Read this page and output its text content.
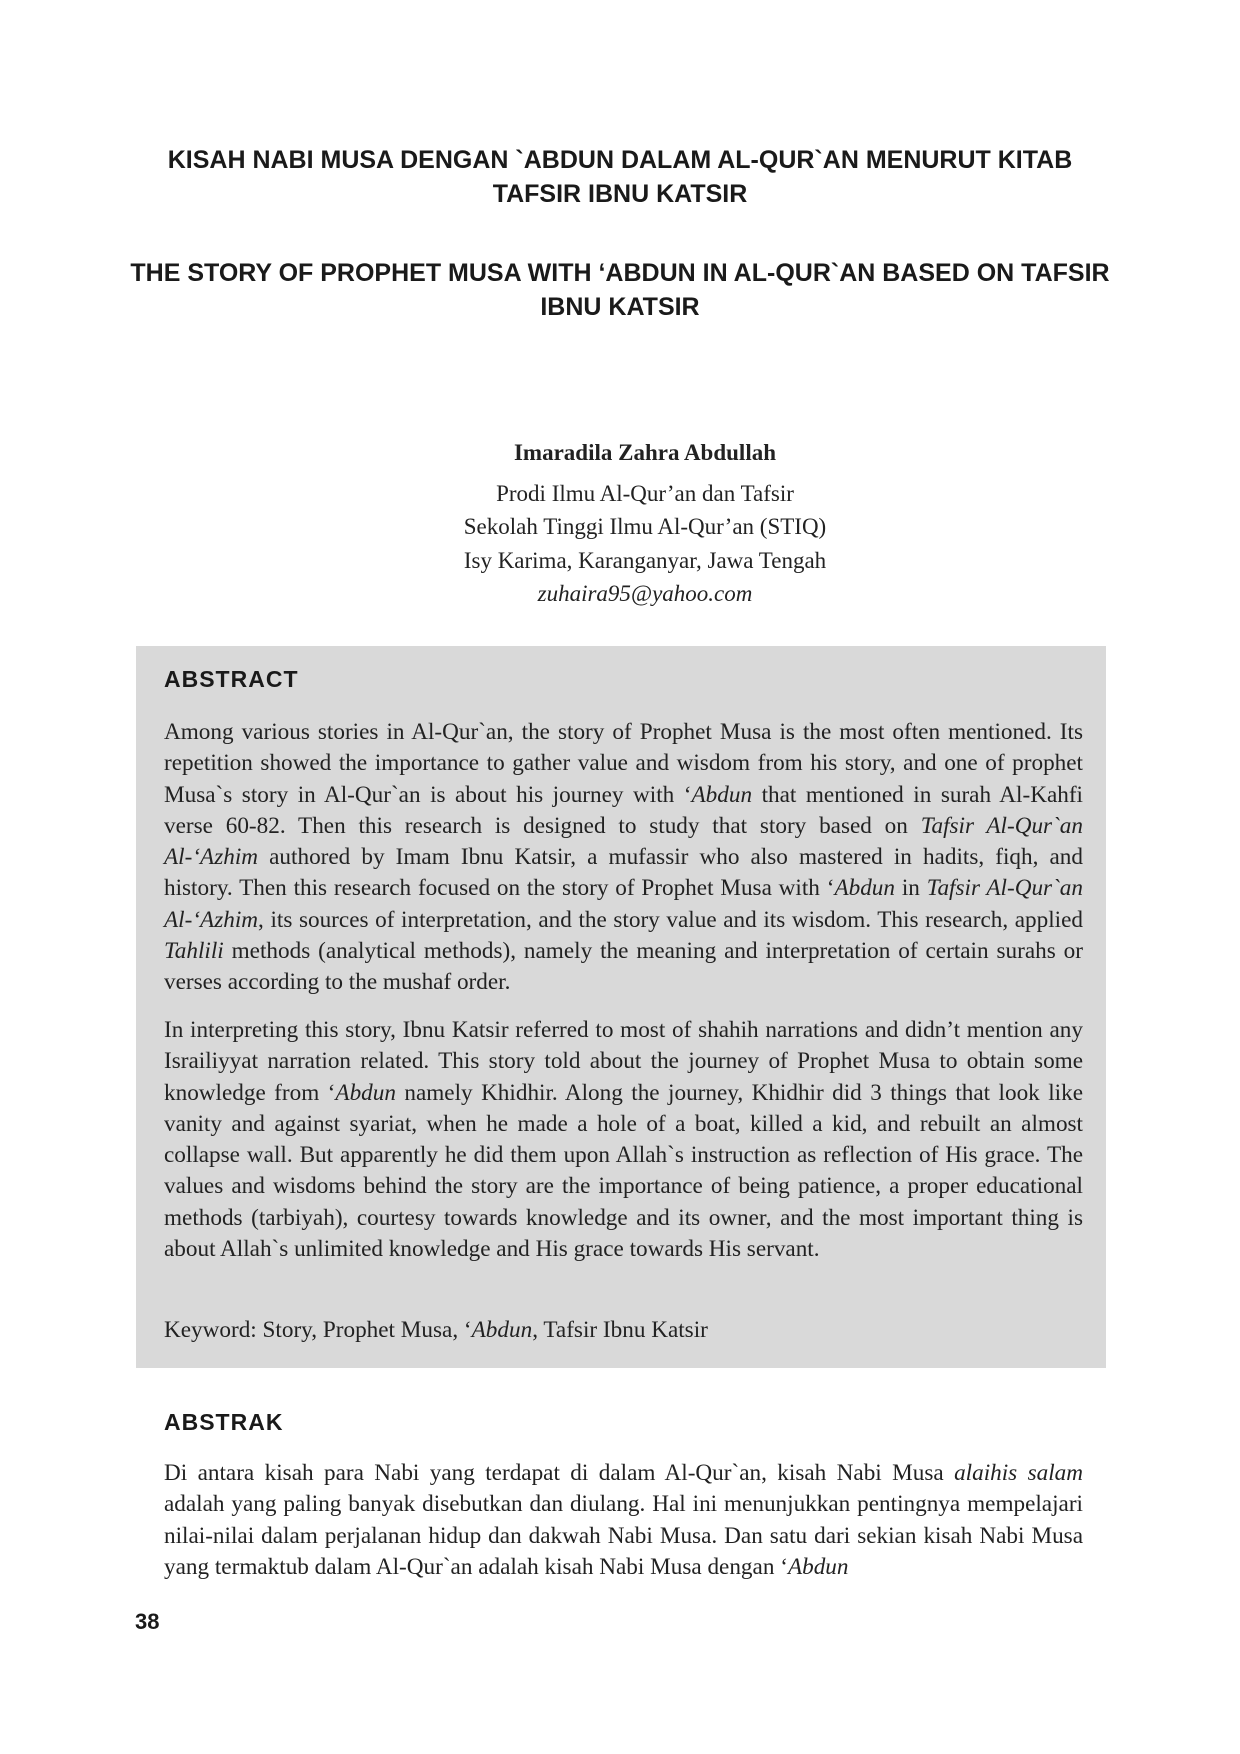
KISAH NABI MUSA DENGAN `ABDUN DALAM AL-QUR`AN MENURUT KITAB
TAFSIR IBNU KATSIR
THE STORY OF PROPHET MUSA WITH ‘ABDUN IN AL-QUR`AN BASED ON TAFSIR
IBNU KATSIR
Imaradila Zahra Abdullah
Prodi Ilmu Al-Qur’an dan Tafsir
Sekolah Tinggi Ilmu Al-Qur’an (STIQ)
Isy Karima, Karanganyar, Jawa Tengah
zuhaira95@yahoo.com
ABSTRACT

Among various stories in Al-Qur`an, the story of Prophet Musa is the most often mentioned. Its repetition showed the importance to gather value and wisdom from his story, and one of prophet Musa`s story in Al-Qur`an is about his journey with ‘Abdun that mentioned in surah Al-Kahfi verse 60-82. Then this research is designed to study that story based on Tafsir Al-Qur`an Al-‘Azhim authored by Imam Ibnu Katsir, a mufassir who also mastered in hadits, fiqh, and history. Then this research focused on the story of Prophet Musa with ‘Abdun in Tafsir Al-Qur`an Al-‘Azhim, its sources of interpretation, and the story value and its wisdom. This research, applied Tahlili methods (analytical methods), namely the meaning and interpretation of certain surahs or verses according to the mushaf order.

In interpreting this story, Ibnu Katsir referred to most of shahih narrations and didn’t mention any Israiliyyat narration related. This story told about the journey of Prophet Musa to obtain some knowledge from ‘Abdun namely Khidhir. Along the journey, Khidhir did 3 things that look like vanity and against syariat, when he made a hole of a boat, killed a kid, and rebuilt an almost collapse wall. But apparently he did them upon Allah`s instruction as reflection of His grace. The values and wisdoms behind the story are the importance of being patience, a proper educational methods (tarbiyah), courtesy towards knowledge and its owner, and the most important thing is about Allah`s unlimited knowledge and His grace towards His servant.

Keyword: Story, Prophet Musa, ‘Abdun, Tafsir Ibnu Katsir

ABSTRAK

Di antara kisah para Nabi yang terdapat di dalam Al-Qur`an, kisah Nabi Musa alaihis salam adalah yang paling banyak disebutkan dan diulang. Hal ini menunjukkan pentingnya mempelajari nilai-nilai dalam perjalanan hidup dan dakwah Nabi Musa. Dan satu dari sekian kisah Nabi Musa yang termaktub dalam Al-Qur`an adalah kisah Nabi Musa dengan ‘Abdun

38
